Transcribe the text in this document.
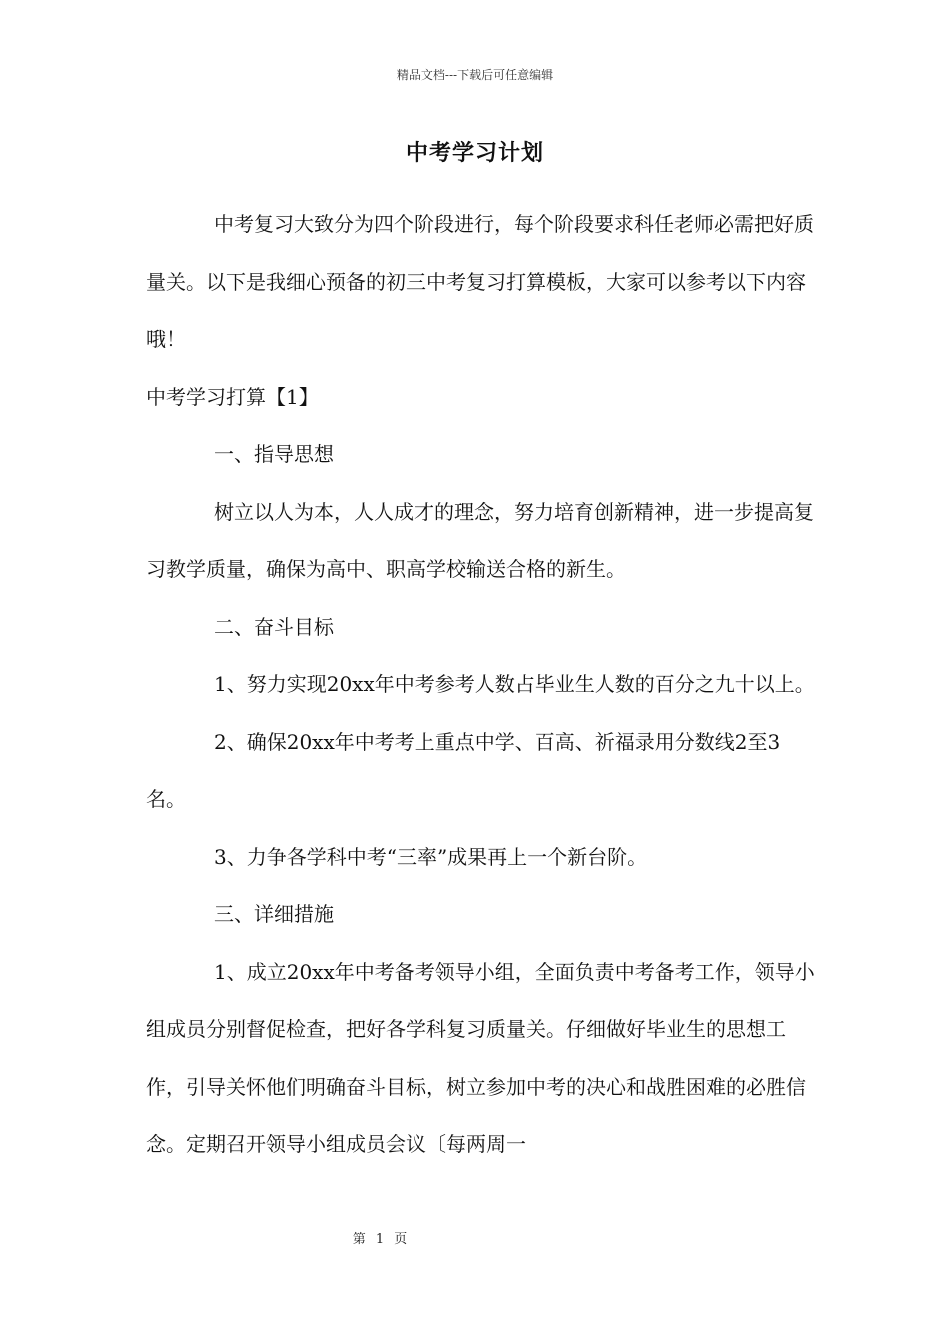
精品文档---下载后可任意编辑
中考学习计划

中考复习大致分为四个阶段进行，每个阶段要求科任老师必需把好质量关。以下是我细心预备的初三中考复习打算模板，大家可以参考以下内容哦！

中考学习打算【1】

一、指导思想

树立以人为本，人人成才的理念，努力培育创新精神，进一步提高复习教学质量，确保为高中、职高学校输送合格的新生。

二、奋斗目标

1、努力实现20xx年中考参考人数占毕业生人数的百分之九十以上。

2、确保20xx年中考考上重点中学、百高、祈福录用分数线2至3名。

3、力争各学科中考“三率”成果再上一个新台阶。

三、详细措施

1、成立20xx年中考备考领导小组，全面负责中考备考工作，领导小组成员分别督促检查，把好各学科复习质量关。仔细做好毕业生的思想工作，引导关怀他们明确奋斗目标，树立参加中考的决心和战胜困难的必胜信念。定期召开领导小组成员会议〔每两周一

第 1 页
